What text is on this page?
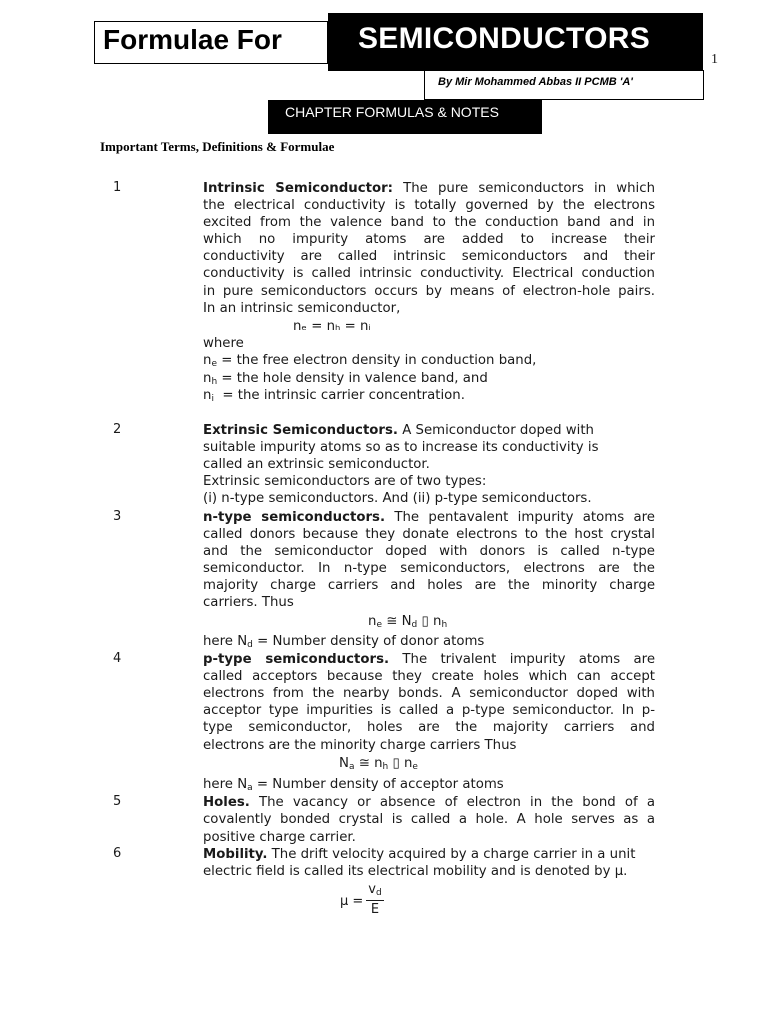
Formulae For	SEMICONDUCTORS
By Mir Mohammed Abbas II PCMB 'A'
1
CHAPTER FORMULAS & NOTES
Important Terms, Definitions & Formulae
1	Intrinsic Semiconductor: The pure semiconductors in which
the electrical conductivity is totally governed by the electrons
excited from the valence band to the conduction band and in
which no impurity atoms are added to increase their
conductivity are called intrinsic semiconductors and their
conductivity is called intrinsic conductivity. Electrical conduction
in pure semiconductors occurs by means of electron-hole pairs.
In an intrinsic semiconductor,
nₑ = nₕ = nᵢ
where
$n_e$ = the free electron density in conduction band,
$n_h$ = the hole density in valence band, and
$n_i$ = the intrinsic carrier concentration.
2	Extrinsic Semiconductors. A Semiconductor doped with
suitable impurity atoms so as to increase its conductivity is
called an extrinsic semiconductor.
Extrinsic semiconductors are of two types:
(i) n-type semiconductors. And (ii) p-type semiconductors.
3	n-type semiconductors. The pentavalent impurity atoms are
called donors because they donate electrons to the host crystal
and the semiconductor doped with donors is called n-type
semiconductor. In n-type semiconductors, electrons are the
majority charge carriers and holes are the minority charge
carriers. Thus
$n_e$ ≅ $N_d$ ▯ $n_h$
here $N_d$ = Number density of donor atoms
4	p-type semiconductors. The trivalent impurity atoms are
called acceptors because they create holes which can accept
electrons from the nearby bonds. A semiconductor doped with
acceptor type impurities is called a p-type semiconductor. In p-
type semiconductor, holes are the majority carriers and
electrons are the minority charge carriers Thus
$N_a$ ≅ $n_h$ ▯ $n_e$
here $N_a$ = Number density of acceptor atoms
5	Holes. The vacancy or absence of electron in the bond of a
covalently bonded crystal is called a hole. A hole serves as a
positive charge carrier.
6	Mobility. The drift velocity acquired by a charge carrier in a unit
electric field is called its electrical mobility and is denoted by μ.
μ =
$v_d$
E
